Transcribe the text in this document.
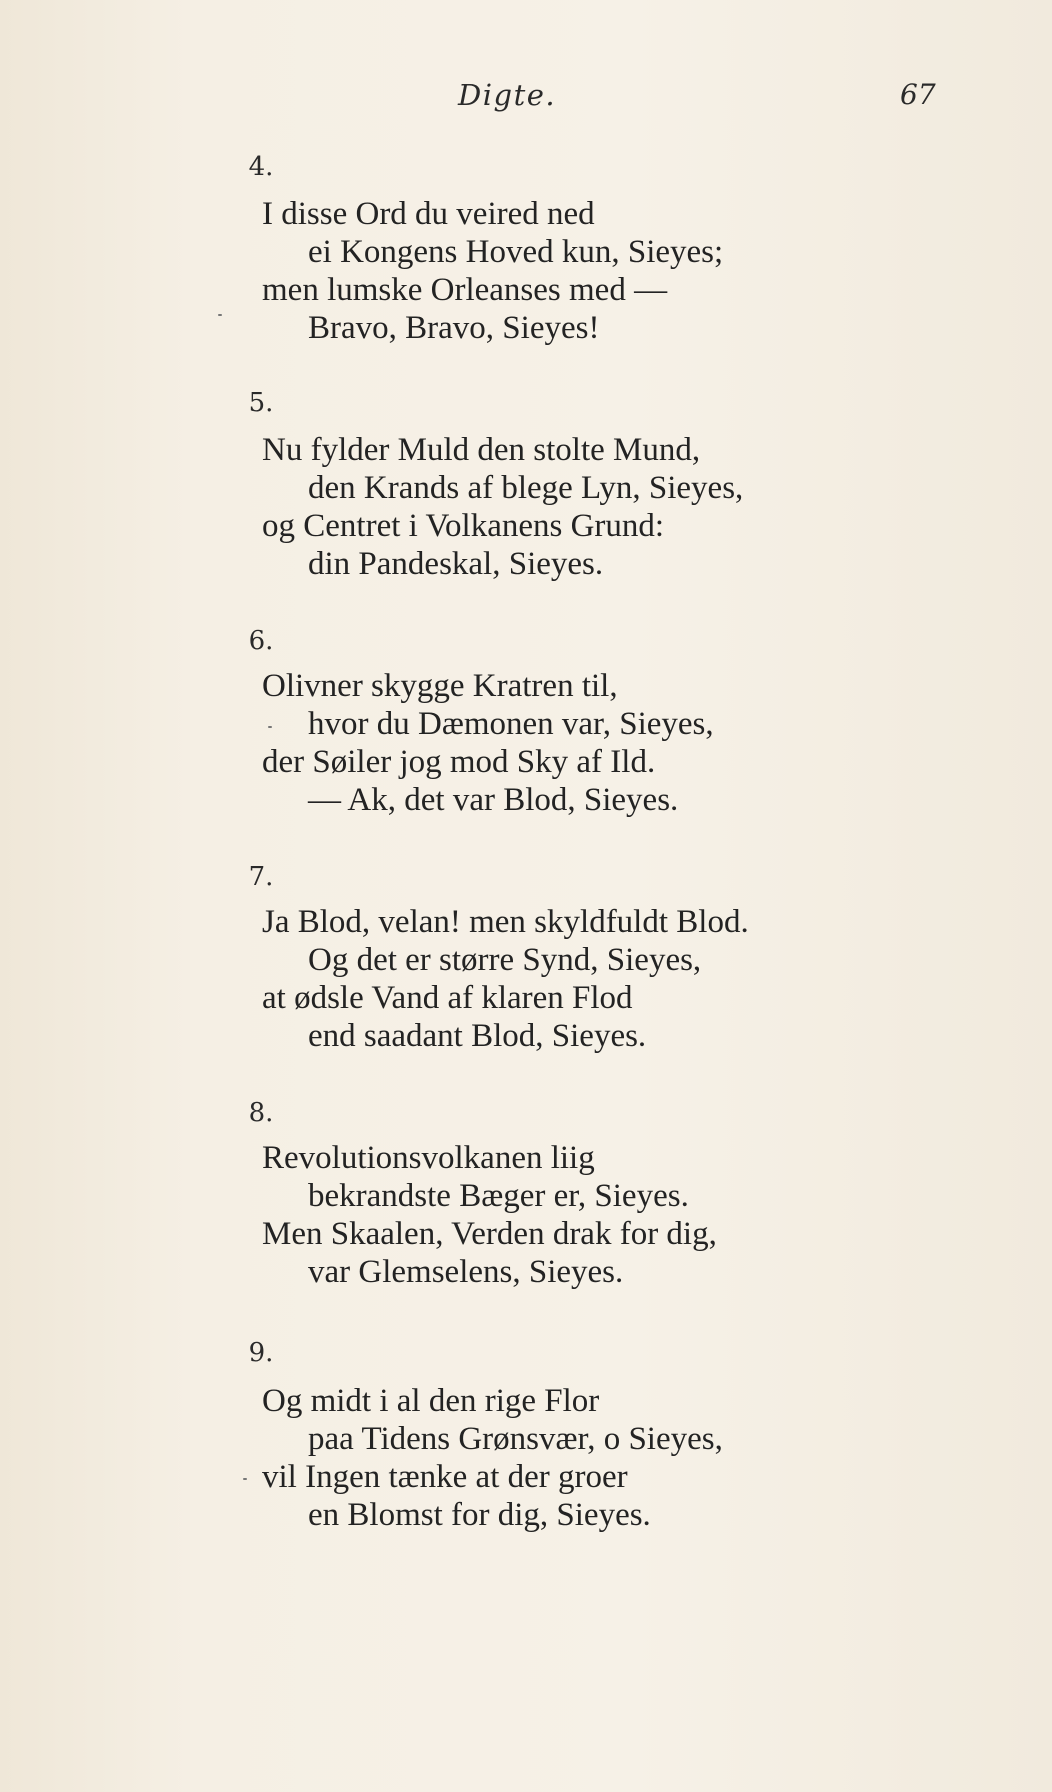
Digte.	67
4.
I disse Ord du veired ned
ei Kongens Hoved kun, Sieyes;
men lumske Orleanses med —
Bravo, Bravo, Sieyes!
5.
Nu fylder Muld den stolte Mund,
den Krands af blege Lyn, Sieyes,
og Centret i Volkanens Grund:
din Pandeskal, Sieyes.
6.
Olivner skygge Kratren til,
hvor du Dæmonen var, Sieyes,
der Søiler jog mod Sky af Ild.
— Ak, det var Blod, Sieyes.
7.
Ja Blod, velan! men skyldfuldt Blod.
Og det er større Synd, Sieyes,
at ødsle Vand af klaren Flod
end saadant Blod, Sieyes.
8.
Revolutionsvolkanen liig
bekrandste Bæger er, Sieyes.
Men Skaalen, Verden drak for dig,
var Glemselens, Sieyes.
9.
Og midt i al den rige Flor
paa Tidens Grønsvær, o Sieyes,
vil Ingen tænke at der groer
en Blomst for dig, Sieyes.
